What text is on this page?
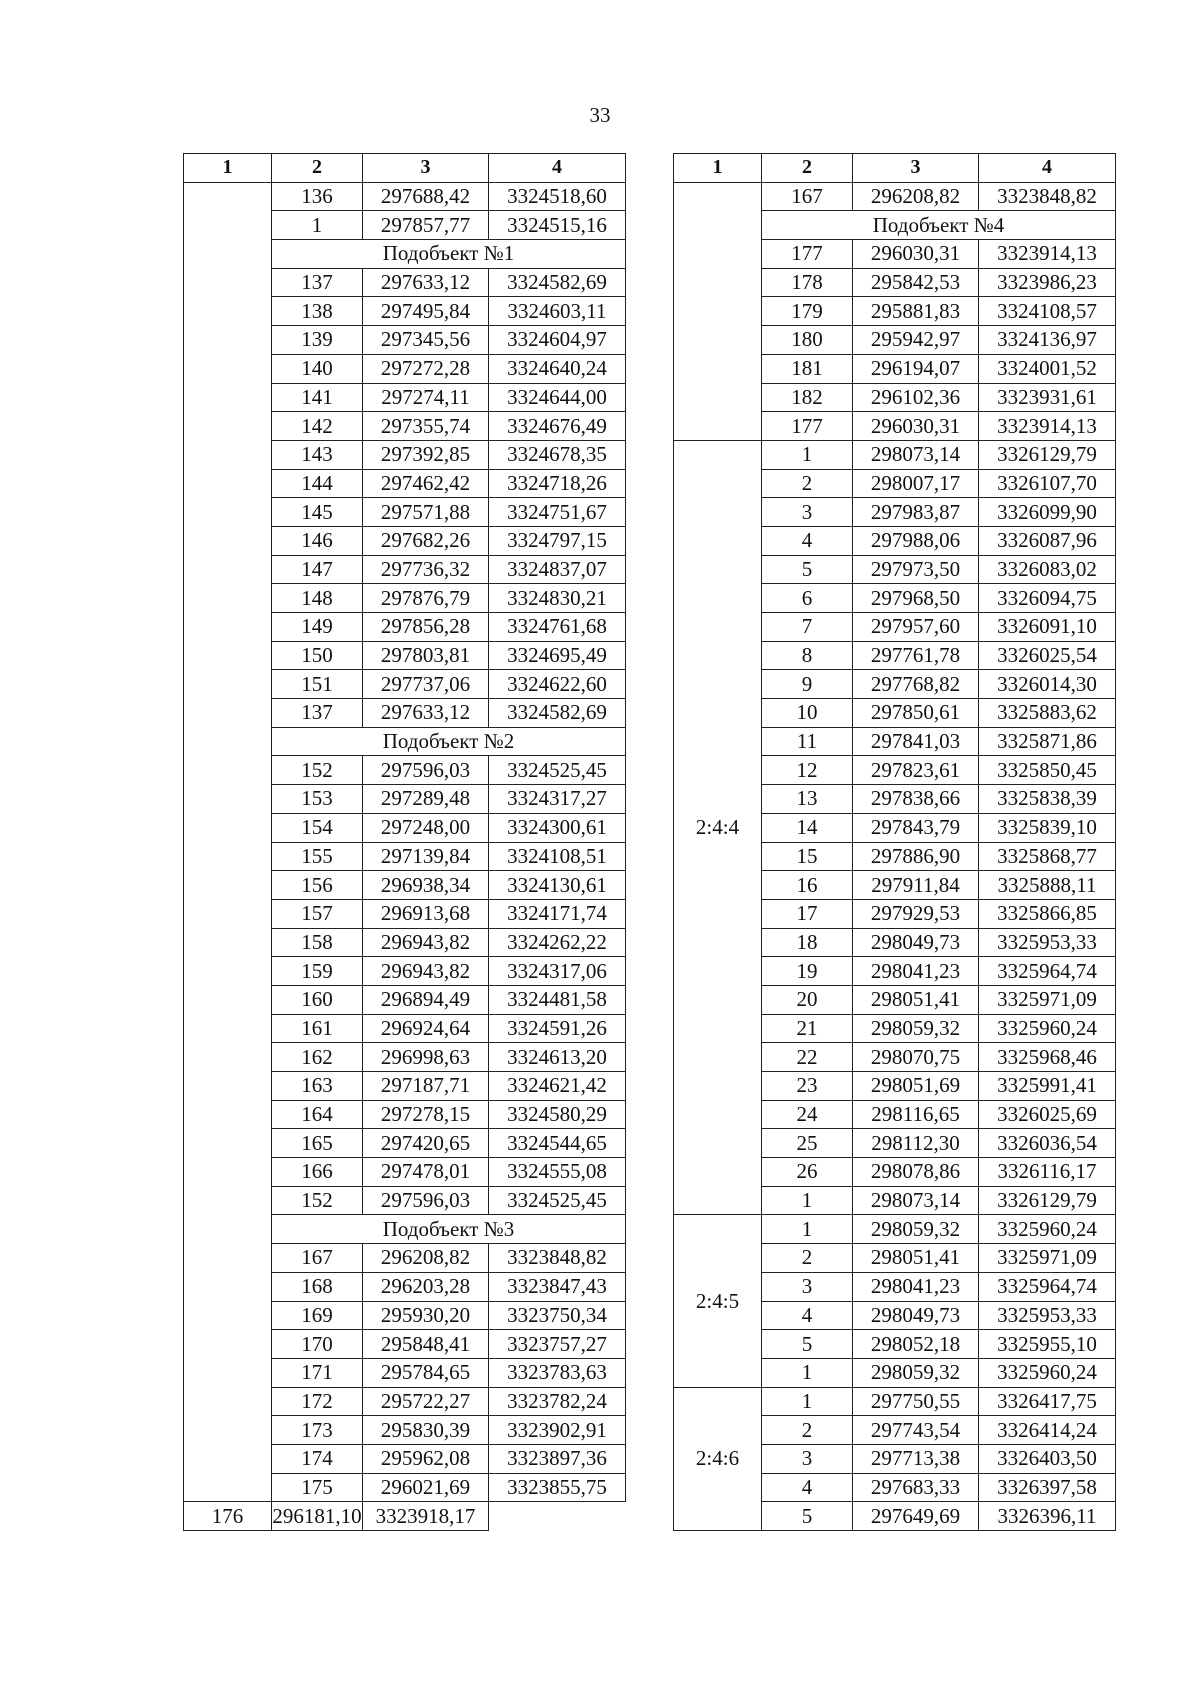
33
1	2	3	4
	136	297688,42	3324518,60
	1	297857,77	3324515,16
	Подобъект №1		
	137	297633,12	3324582,69
	138	297495,84	3324603,11
	139	297345,56	3324604,97
	140	297272,28	3324640,24
	141	297274,11	3324644,00
	142	297355,74	3324676,49
	143	297392,85	3324678,35
	144	297462,42	3324718,26
	145	297571,88	3324751,67
	146	297682,26	3324797,15
	147	297736,32	3324837,07
	148	297876,79	3324830,21
	149	297856,28	3324761,68
	150	297803,81	3324695,49
	151	297737,06	3324622,60
	137	297633,12	3324582,69
	Подобъект №2		
	152	297596,03	3324525,45
	153	297289,48	3324317,27
	154	297248,00	3324300,61
	155	297139,84	3324108,51
	156	296938,34	3324130,61
	157	296913,68	3324171,74
	158	296943,82	3324262,22
	159	296943,82	3324317,06
	160	296894,49	3324481,58
	161	296924,64	3324591,26
	162	296998,63	3324613,20
	163	297187,71	3324621,42
	164	297278,15	3324580,29
	165	297420,65	3324544,65
	166	297478,01	3324555,08
	152	297596,03	3324525,45
	Подобъект №3		
	167	296208,82	3323848,82
	168	296203,28	3323847,43
	169	295930,20	3323750,34
	170	295848,41	3323757,27
	171	295784,65	3323783,63
	172	295722,27	3323782,24
	173	295830,39	3323902,91
	174	295962,08	3323897,36
	175	296021,69	3323855,75
176	296181,10	3323918,17	
1	2	3	4
	167	296208,82	3323848,82
	Подобъект №4		
	177	296030,31	3323914,13
	178	295842,53	3323986,23
	179	295881,83	3324108,57
	180	295942,97	3324136,97
	181	296194,07	3324001,52
	182	296102,36	3323931,61
	177	296030,31	3323914,13
2:4:4	1	298073,14	3326129,79
	2	298007,17	3326107,70
	3	297983,87	3326099,90
	4	297988,06	3326087,96
	5	297973,50	3326083,02
	6	297968,50	3326094,75
	7	297957,60	3326091,10
	8	297761,78	3326025,54
	9	297768,82	3326014,30
	10	297850,61	3325883,62
	11	297841,03	3325871,86
	12	297823,61	3325850,45
	13	297838,66	3325838,39
	14	297843,79	3325839,10
	15	297886,90	3325868,77
	16	297911,84	3325888,11
	17	297929,53	3325866,85
	18	298049,73	3325953,33
	19	298041,23	3325964,74
	20	298051,41	3325971,09
	21	298059,32	3325960,24
	22	298070,75	3325968,46
	23	298051,69	3325991,41
	24	298116,65	3326025,69
	25	298112,30	3326036,54
	26	298078,86	3326116,17
	1	298073,14	3326129,79
2:4:5	1	298059,32	3325960,24
	2	298051,41	3325971,09
	3	298041,23	3325964,74
	4	298049,73	3325953,33
	5	298052,18	3325955,10
	1	298059,32	3325960,24
2:4:6	1	297750,55	3326417,75
	2	297743,54	3326414,24
	3	297713,38	3326403,50
	4	297683,33	3326397,58
	5	297649,69	3326396,11
